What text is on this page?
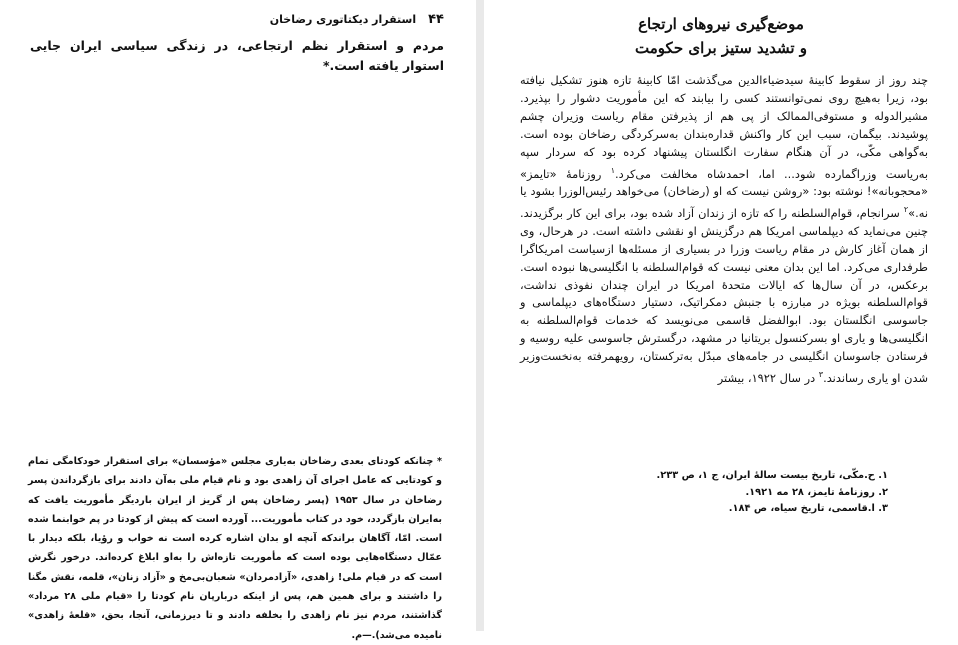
۴۴
استقرار دیکتاتوری رضاخان
مردم و استقرار نظم ارتجاعی، در زندگی سیاسی ایران جایی استوار یافته است.*
* چنانکه کودتای بعدی رضاخان به‌یاری مجلس «مؤسسان» برای استقرار خودکامگی تمام و کودتایی که عامل اجرای آن زاهدی بود و نام قیام ملی به‌آن دادند برای بازگرداندن پسر رضاخان در سال ۱۹۵۳ (پسر رضاخان پس از گریز از ایران باردیگر مأموریت یافت که به‌ایران بازگردد، خود در کتاب مأموریت... آورده است که پیش از کودتا در پم خوابنما شده است. امّا، آگاهان براندکه آنچه او بدان اشاره کرده است نه خواب و رؤیا، بلکه دیدار با عمّال دستگاه‌هایی بوده است که مأموریت تازه‌اش را به‌او ابلاغ کرده‌اند. درخور نگرش است که در قیام ملی! زاهدی، «آزادمردان» شعبان‌بی‌مخ و «آزاد زنان»، قلمه، نقش مگنا را داشتند و برای همین هم، پس از اینکه دربارپان نام کودتا را «قیام ملی ۲۸ مرداد» گذاشتند، مردم نیز نام زاهدی را بخلفه دادند و تا دیرزمانی، آنجا، بحق، «قلعهٔ زاهدی» نامیده می‌شد).—م.
موضع‌گیری نیروهای ارتجاع
و تشدید ستیز برای حکومت

چند روز از سقوط کابینهٔ سیدضیاءالدین می‌گذشت امّا کابینهٔ تازه هنوز تشکیل نیافته بود، زیرا به‌هیچ روی نمی‌توانستند کسی را بیابند که این مأموریت دشوار را بپذیرد. مشیرالدوله و مستوفی‌الممالک از پی هم از پذیرفتن مقام ریاست وزیران چشم پوشیدند. بیگمان، سبب این کار واکنش قداره‌بندان به‌سرکردگی رضاخان بوده است. به‌گواهی مکّی، در آن هنگام سفارت انگلستان پیشنهاد کرده بود که سردار سپه به‌ریاست وزراگمارده شود... اما، احمدشاه مخالفت می‌کرد.$^۱$ روزنامهٔ «تایمز» «محجوبانه»! نوشته بود: «روشن نیست که او (رضاخان) می‌خواهد رئیس‌الوزرا بشود یا نه.»$^۲$ سرانجام، قوام‌السلطنه را که تازه از زندان آزاد شده بود، برای این کار برگزیدند. چنین می‌نماید که دیپلماسی امریکا هم درگزینش او نقشی داشته است. در هرحال، وی از همان آغاز کارش در مقام ریاست وزرا در بسیاری از مسئله‌ها ازسیاست امریکاگرا طرفداری می‌کرد. اما این بدان معنی نیست که قوام‌السلطنه با انگلیسی‌ها نبوده است. برعکس، در آن سال‌ها که ایالات متحدهٔ امریکا در ایران چندان نفوذی نداشت، قوام‌السلطنه بویژه در مبارزه با جنبش دمکراتیک، دستیار دستگاه‌های دیپلماسی و جاسوسی انگلستان بود. ابوالفضل قاسمی می‌نویسد که خدمات قوام‌السلطنه به انگلیسی‌ها و یاری او بسرکنسول بریتانیا در مشهد، درگسترش جاسوسی علیه روسیه و فرستادن جاسوسان انگلیسی در جامه‌های مبدّل به‌ترکستان، رویهمرفته به‌نخست‌وزیر شدن او یاری رساندند.$^۳$ در سال ۱۹۲۲، بیشتر

۱. ح.مکّی، تاریخ بیست سالهٔ ایران، ج ۱، ص ۲۳۳.
۲. روزنامهٔ تایمز، ۲۸ مه ۱۹۲۱.
۳. ا.قاسمی، تاریخ سیاه، ص ۱۸۴.
